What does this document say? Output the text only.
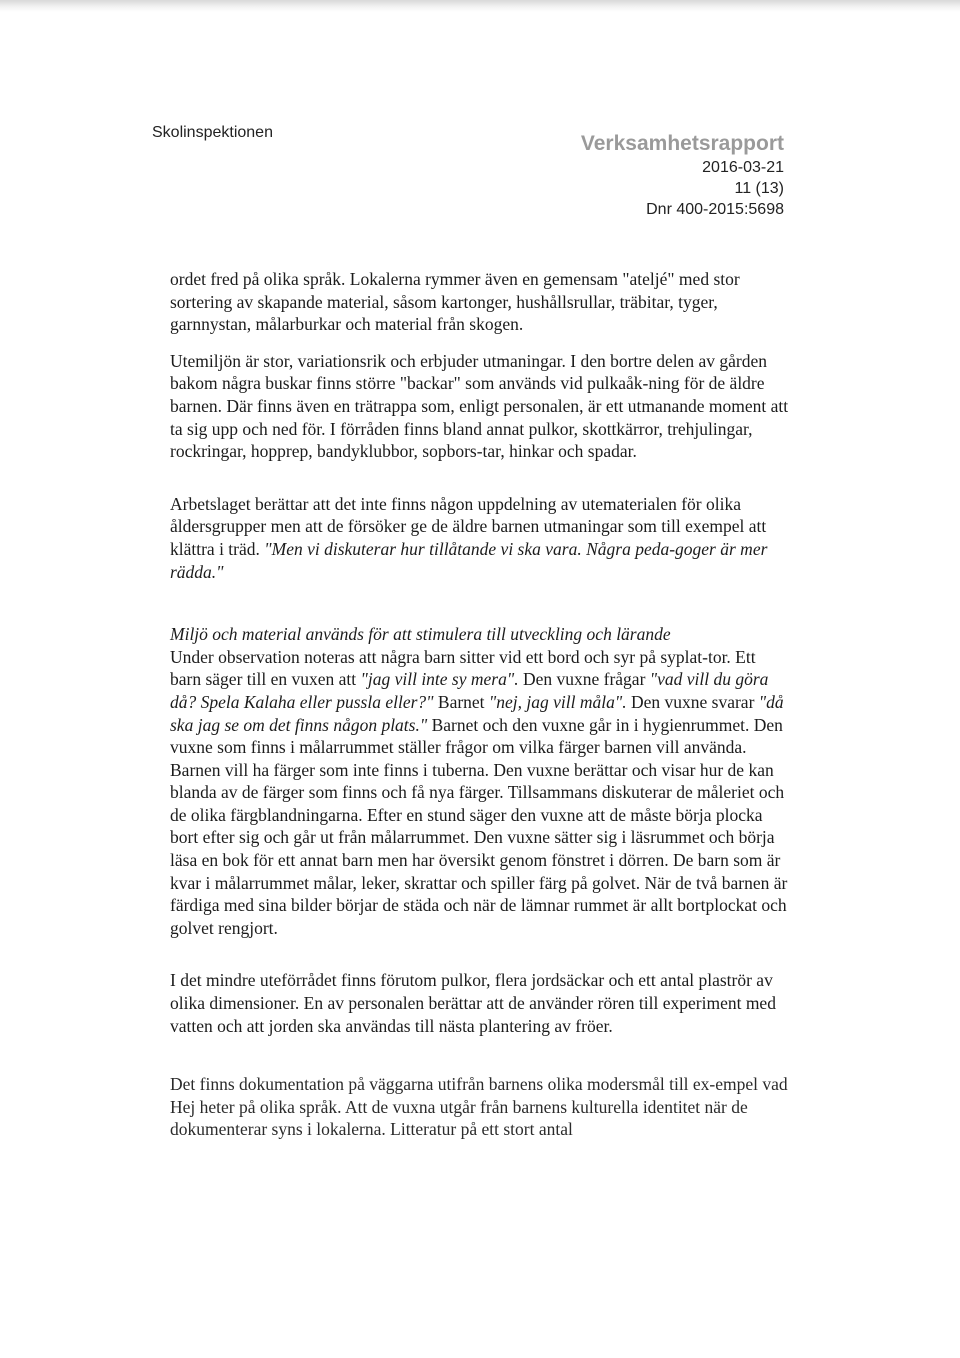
Skolinspektionen	Verksamhetsrapport
2016-03-21
11 (13)
Dnr 400-2015:5698

ordet fred på olika språk. Lokalerna rymmer även en gemensam "atelјé" med stor sortering av skapande material, såsom kartonger, hushållsrullar, träbitar, tyger, garnnystan, målarburkar och material från skogen.

Utemiljön är stor, variationsrik och erbjuder utmaningar. I den bortre delen av gården bakom några buskar finns större "backar" som används vid pulkaåk-ning för de äldre barnen. Där finns även en trätrappa som, enligt personalen, är ett utmanande moment att ta sig upp och ned för. I förråden finns bland annat pulkor, skottkärror, trehjulingar, rockringar, hopprep, bandyklubbor, sopbors-tar, hinkar och spadar.

Arbetslaget berättar att det inte finns någon uppdelning av utematerialen för olika åldersgrupper men att de försöker ge de äldre barnen utmaningar som till exempel att klättra i träd. "Men vi diskuterar hur tillåtande vi ska vara. Några peda-goger är mer rädda."

Miljö och material används för att stimulera till utveckling och lärande

Under observation noteras att några barn sitter vid ett bord och syr på syplat-tor. Ett barn säger till en vuxen att "jag vill inte sy mera". Den vuxne frågar "vad vill du göra då? Spela Kalaha eller pussla eller?" Barnet "nej, jag vill måla". Den vuxne svarar "då ska jag se om det finns någon plats." Barnet och den vuxne går in i hygienrummet. Den vuxne som finns i målarrummet ställer frågor om vilka färger barnen vill använda. Barnen vill ha färger som inte finns i tuberna. Den vuxne berättar och visar hur de kan blanda av de färger som finns och få nya färger. Tillsammans diskuterar de måleriet och de olika färgblandningarna. Efter en stund säger den vuxne att de måste börja plocka bort efter sig och går ut från målarrummet. Den vuxne sätter sig i läsrummet och börja läsa en bok för ett annat barn men har översikt genom fönstret i dörren. De barn som är kvar i målarrummet målar, leker, skrattar och spiller färg på golvet. När de två barnen är färdiga med sina bilder börjar de städa och när de lämnar rummet är allt bortplockat och golvet rengjort.

I det mindre uteförrådet finns förutom pulkor, flera jordsäckar och ett antal plaströr av olika dimensioner. En av personalen berättar att de använder rören till experiment med vatten och att jorden ska användas till nästa plantering av fröer.

Det finns dokumentation på väggarna utifrån barnens olika modersmål till ex-empel vad Hej heter på olika språk. Att de vuxna utgår från barnens kulturella identitet när de dokumenterar syns i lokalerna. Litteratur på ett stort antal
